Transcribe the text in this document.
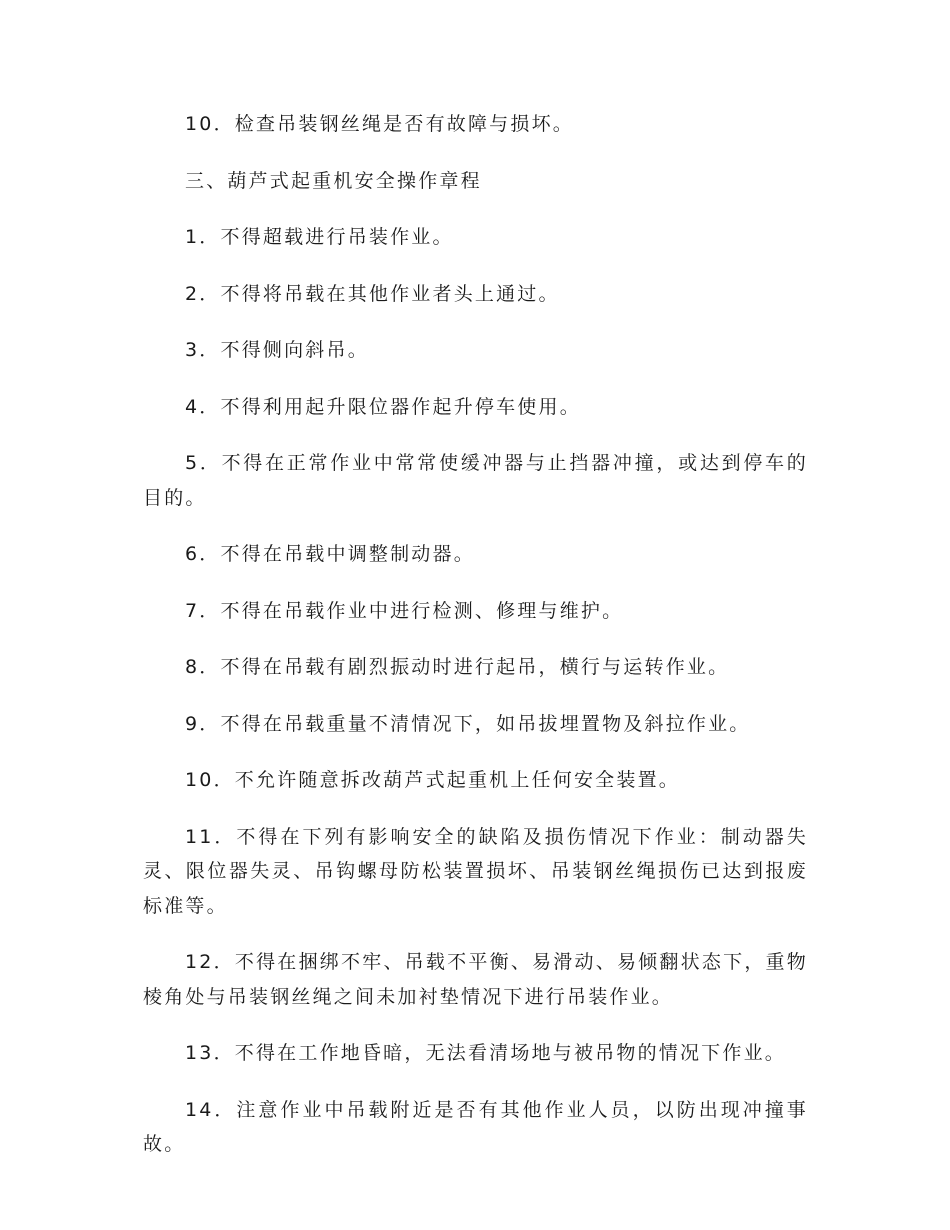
10．检查吊装钢丝绳是否有故障与损坏。

三、葫芦式起重机安全操作章程

1．不得超载进行吊装作业。

2．不得将吊载在其他作业者头上通过。

3．不得侧向斜吊。

4．不得利用起升限位器作起升停车使用。

5．不得在正常作业中常常使缓冲器与止挡器冲撞，或达到停车的目的。

6．不得在吊载中调整制动器。

7．不得在吊载作业中进行检测、修理与维护。

8．不得在吊载有剧烈振动时进行起吊，横行与运转作业。

9．不得在吊载重量不清情况下，如吊拔埋置物及斜拉作业。

10．不允许随意拆改葫芦式起重机上任何安全装置。

11．不得在下列有影响安全的缺陷及损伤情况下作业：制动器失灵、限位器失灵、吊钩螺母防松装置损坏、吊装钢丝绳损伤已达到报废标准等。

12．不得在捆绑不牢、吊载不平衡、易滑动、易倾翻状态下，重物棱角处与吊装钢丝绳之间未加衬垫情况下进行吊装作业。

13．不得在工作地昏暗，无法看清场地与被吊物的情况下作业。

14．注意作业中吊载附近是否有其他作业人员，以防出现冲撞事故。
